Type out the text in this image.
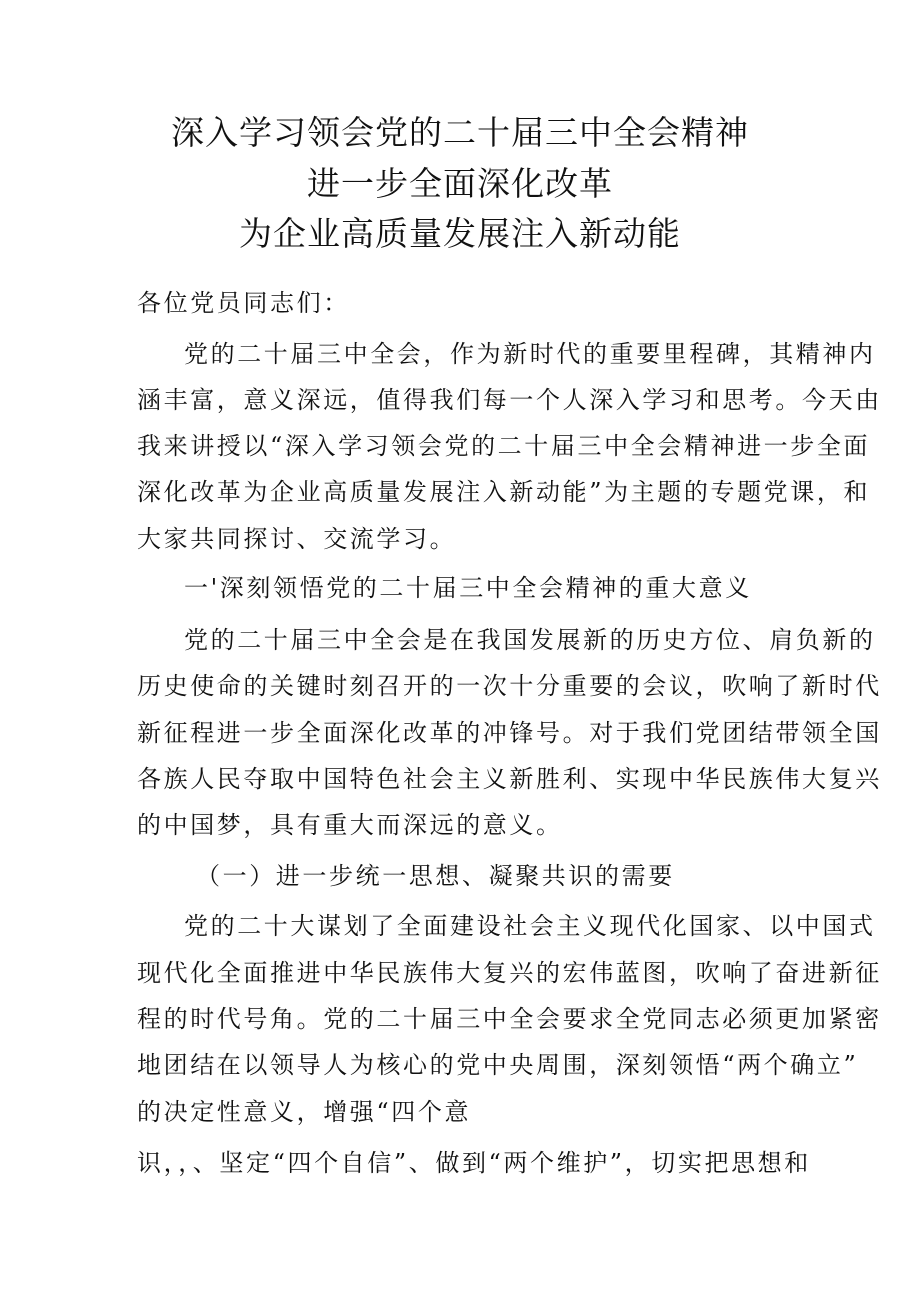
深入学习领会党的二十届三中全会精神
进一步全面深化改革
为企业高质量发展注入新动能
各位党员同志们：
党的二十届三中全会，作为新时代的重要里程碑，其精神内
涵丰富，意义深远，值得我们每一个人深入学习和思考。今天由
我来讲授以“深入学习领会党的二十届三中全会精神进一步全面
深化改革为企业高质量发展注入新动能”为主题的专题党课，和
大家共同探讨、交流学习。
一'深刻领悟党的二十届三中全会精神的重大意义
党的二十届三中全会是在我国发展新的历史方位、肩负新的
历史使命的关键时刻召开的一次十分重要的会议，吹响了新时代
新征程进一步全面深化改革的冲锋号。对于我们党团结带领全国
各族人民夺取中国特色社会主义新胜利、实现中华民族伟大复兴
的中国梦，具有重大而深远的意义。
（一）进一步统一思想、凝聚共识的需要
党的二十大谋划了全面建设社会主义现代化国家、以中国式
现代化全面推进中华民族伟大复兴的宏伟蓝图，吹响了奋进新征
程的时代号角。党的二十届三中全会要求全党同志必须更加紧密
地团结在以领导人为核心的党中央周围，深刻领悟“两个确立”
的决定性意义，增强“四个意
识，，、坚定“四个自信”、做到“两个维护”，切实把思想和
